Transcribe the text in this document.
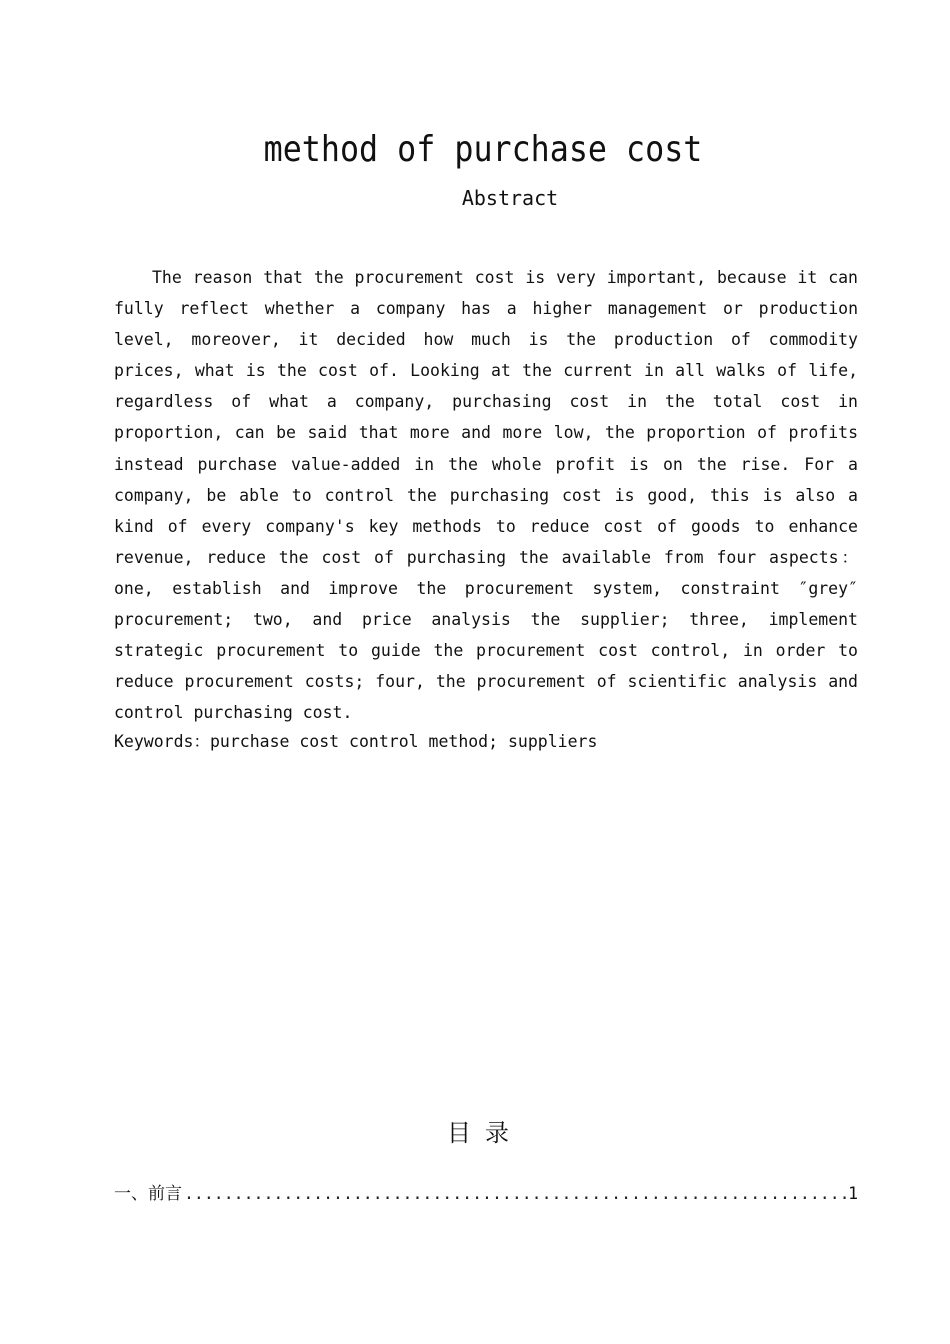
method of purchase cost
Abstract

The reason that the procurement cost is very important, because it can fully reflect whether a company has a higher management or production level, moreover, it decided how much is the production of commodity prices, what is the cost of. Looking at the current in all walks of life, regardless of what a company, purchasing cost in the total cost in proportion, can be said that more and more low, the proportion of profits instead purchase value-added in the whole profit is on the rise. For a company, be able to control the purchasing cost is good, this is also a kind of every company's key methods to reduce cost of goods to enhance revenue, reduce the cost of purchasing the available from four aspects： one, establish and improve the procurement system, constraint ″grey″ procurement; two, and price analysis the supplier; three, implement strategic procurement to guide the procurement cost control, in order to reduce procurement costs; four, the procurement of scientific analysis and control purchasing cost.

Keywords：purchase cost control method; suppliers

目录
一、前言
.....	1
